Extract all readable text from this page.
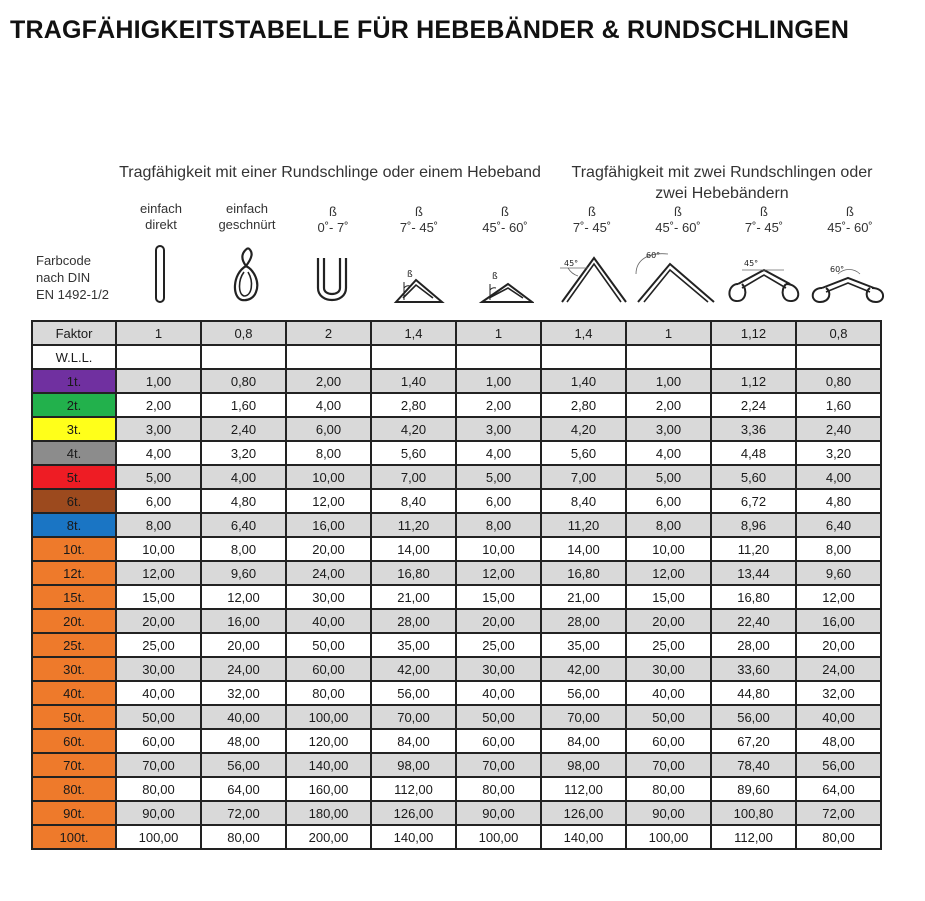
TRAGFÄHIGKEITSTABELLE FÜR HEBEBÄNDER & RUNDSCHLINGEN
Tragfähigkeit mit einer Rundschlinge oder einem Hebeband	Tragfähigkeit mit zwei Rundschlingen oder
zwei Hebebändern
einfach
direkt
einfach
geschnürt
ß
0˚- 7˚
ß
7˚- 45˚
ß
45˚- 60˚
ß
7˚- 45˚
ß
45˚- 60˚
ß
7˚- 45˚
ß
45˚- 60˚
Farbcode
nach DIN
EN 1492-1/2
ß	ß
45°
60°
45°
60°
Faktor	1	0,8	2	1,4	1	1,4	1	1,12	0,8
W.L.L.									
1t.	1,00	0,80	2,00	1,40	1,00	1,40	1,00	1,12	0,80
2t.	2,00	1,60	4,00	2,80	2,00	2,80	2,00	2,24	1,60
3t.	3,00	2,40	6,00	4,20	3,00	4,20	3,00	3,36	2,40
4t.	4,00	3,20	8,00	5,60	4,00	5,60	4,00	4,48	3,20
5t.	5,00	4,00	10,00	7,00	5,00	7,00	5,00	5,60	4,00
6t.	6,00	4,80	12,00	8,40	6,00	8,40	6,00	6,72	4,80
8t.	8,00	6,40	16,00	11,20	8,00	11,20	8,00	8,96	6,40
10t.	10,00	8,00	20,00	14,00	10,00	14,00	10,00	11,20	8,00
12t.	12,00	9,60	24,00	16,80	12,00	16,80	12,00	13,44	9,60
15t.	15,00	12,00	30,00	21,00	15,00	21,00	15,00	16,80	12,00
20t.	20,00	16,00	40,00	28,00	20,00	28,00	20,00	22,40	16,00
25t.	25,00	20,00	50,00	35,00	25,00	35,00	25,00	28,00	20,00
30t.	30,00	24,00	60,00	42,00	30,00	42,00	30,00	33,60	24,00
40t.	40,00	32,00	80,00	56,00	40,00	56,00	40,00	44,80	32,00
50t.	50,00	40,00	100,00	70,00	50,00	70,00	50,00	56,00	40,00
60t.	60,00	48,00	120,00	84,00	60,00	84,00	60,00	67,20	48,00
70t.	70,00	56,00	140,00	98,00	70,00	98,00	70,00	78,40	56,00
80t.	80,00	64,00	160,00	112,00	80,00	112,00	80,00	89,60	64,00
90t.	90,00	72,00	180,00	126,00	90,00	126,00	90,00	100,80	72,00
100t.	100,00	80,00	200,00	140,00	100,00	140,00	100,00	112,00	80,00
